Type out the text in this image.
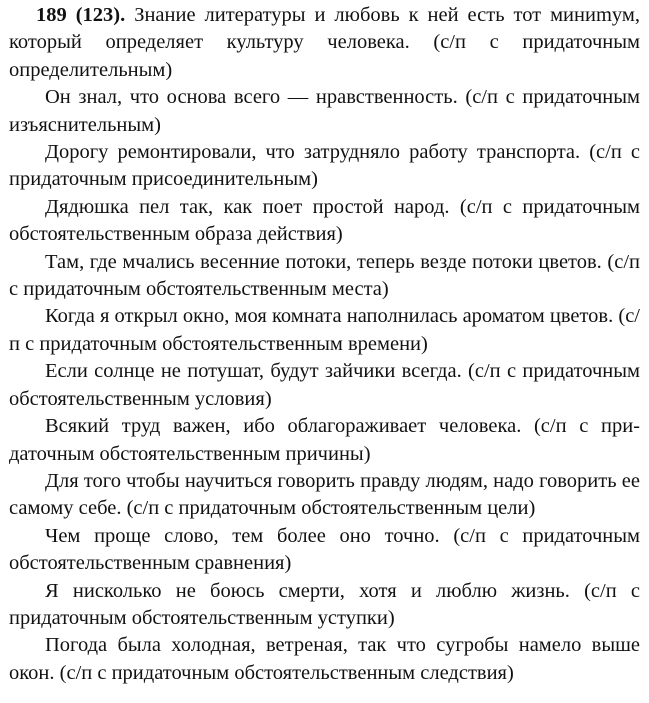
189 (123). Знание литературы и любовь к ней есть тот миниmум, который определяет культуру человека. (с/п с придаточным определительным)

Он знал, что основа всего — нравственность. (с/п с придаточным изъяснительным)

Дорогу ремонтировали, что затрудняло работу транспорта. (с/п с придаточным присоединительным)

Дядюшка пел так, как поет простой народ. (с/п с придаточным обстоятельственным образа действия)

Там, где мчались весенние потоки, теперь везде потоки цветов. (с/п с придаточным обстоятельственным места)

Когда я открыл окно, моя комната наполнилась ароматом цветов. (с/п с придаточным обстоятельственным времени)

Если солнце не потушат, будут зайчики всегда. (с/п с придаточным обстоятельственным условия)

Всякий труд важен, ибо облагораживает человека. (с/п с придаточным обстоятельственным причины)

Для того чтобы научиться говорить правду людям, надо говорить ее самому себе. (с/п с придаточным обстоятельственным цели)

Чем проще слово, тем более оно точно. (с/п с придаточным обстоятельственным сравнения)

Я нисколько не боюсь смерти, хотя и люблю жизнь. (с/п с придаточным обстоятельственным уступки)

Погода была холодная, ветреная, так что сугробы намело выше окон. (с/п с придаточным обстоятельственным следствия)
